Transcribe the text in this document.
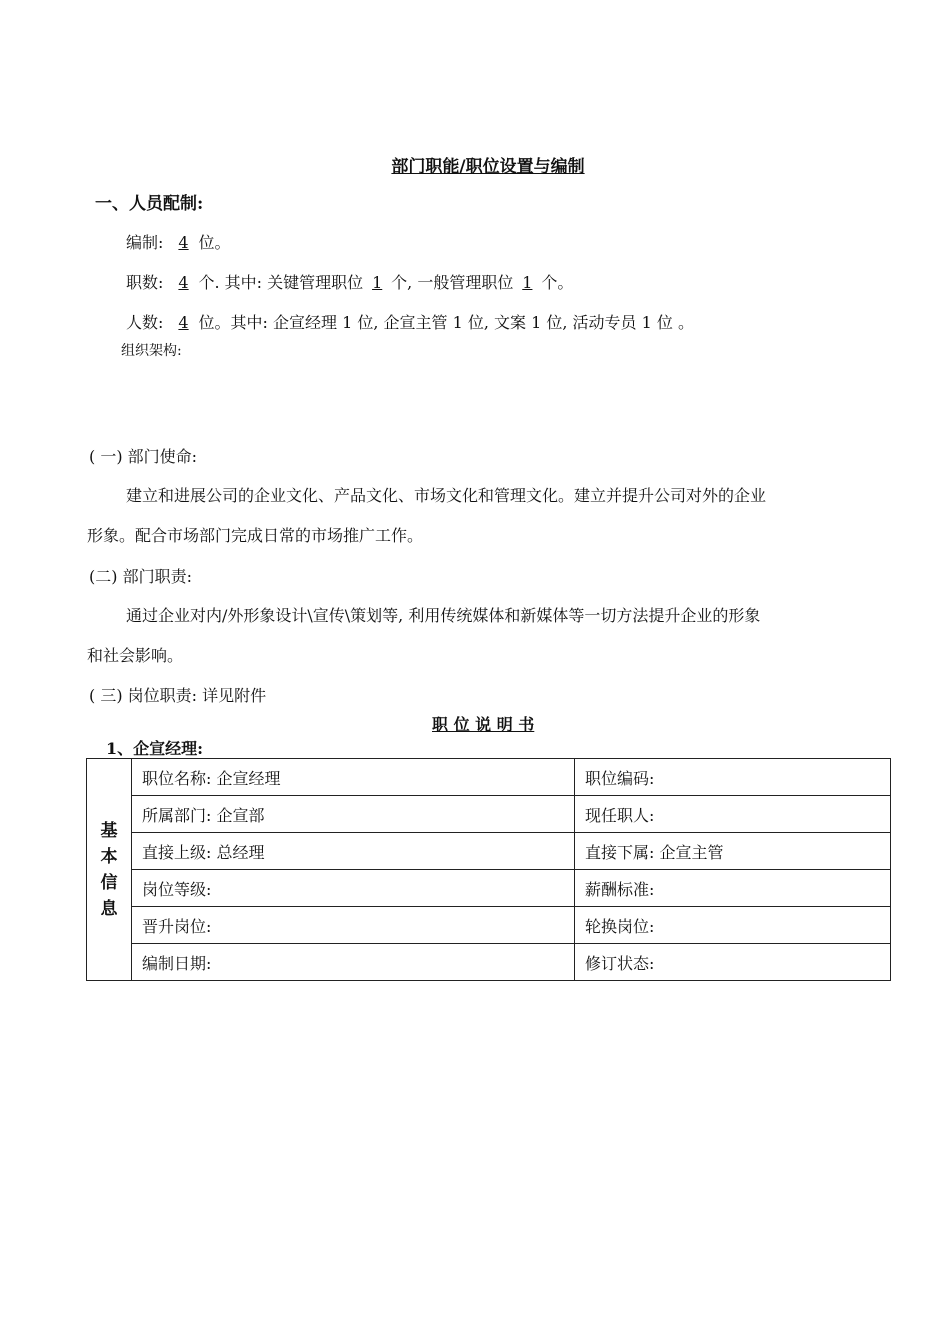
部门职能/职位设置与编制
一、人员配制:
编制: 4 位。
职数: 4 个. 其中: 关键管理职位 1 个, 一般管理职位 1 个。
人数: 4 位。其中: 企宣经理 1 位, 企宣主管 1 位, 文案 1 位, 活动专员 1 位 。
组织架构:
( 一) 部门使命:
建立和进展公司的企业文化、产品文化、市场文化和管理文化。建立并提升公司对外的企业
形象。配合市场部门完成日常的市场推广工作。
(二) 部门职责:
通过企业对内/外形象设计\宣传\策划等, 利用传统媒体和新媒体等一切方法提升企业的形象
和社会影响。
( 三) 岗位职责: 详见附件
职 位 说 明 书
1、企宣经理:
基
本
信
息	职位名称: 企宣经理	职位编码:
	所属部门: 企宣部	现任职人:
	直接上级: 总经理	直接下属: 企宣主管
	岗位等级:	薪酬标准:
	晋升岗位:	轮换岗位:
	编制日期:	修订状态:
